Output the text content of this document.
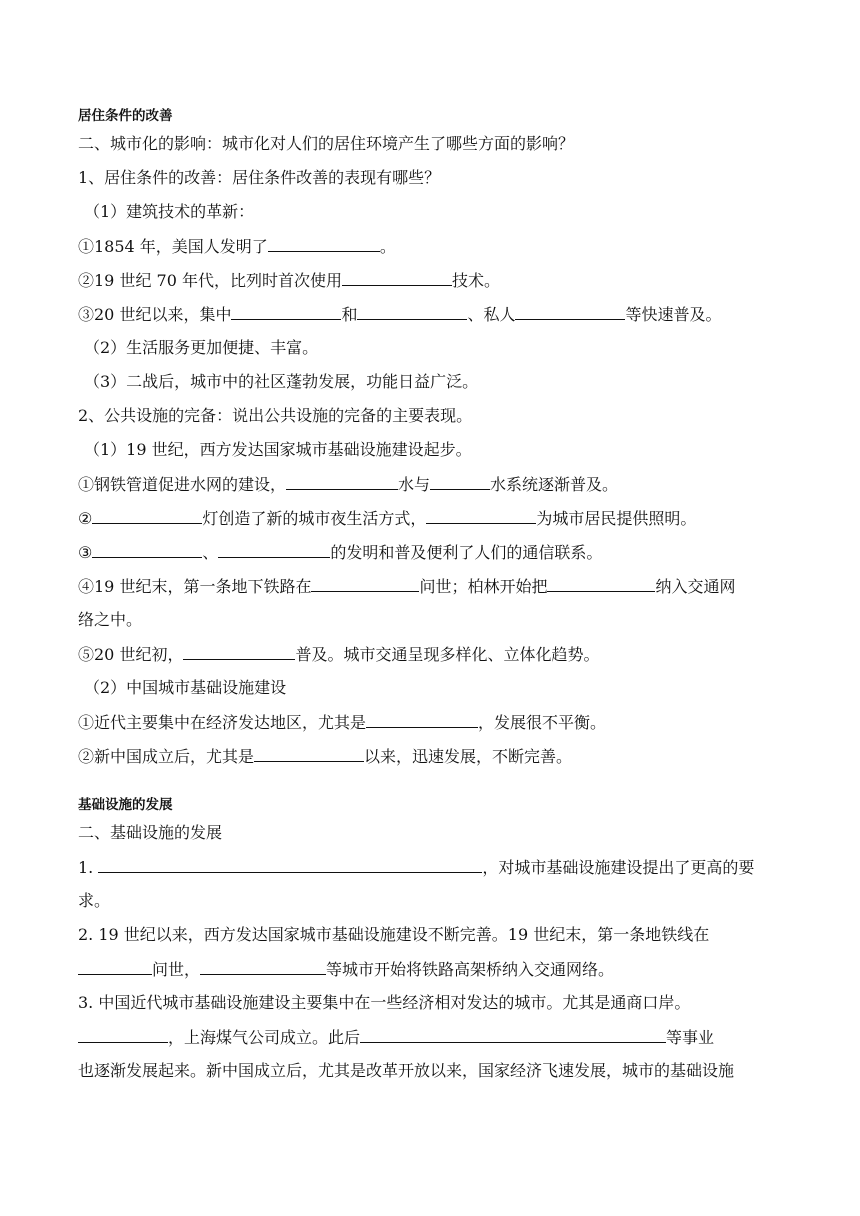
居住条件的改善
二、城市化的影响：城市化对人们的居住环境产生了哪些方面的影响？
1、居住条件的改善：居住条件改善的表现有哪些？
（1）建筑技术的革新：
①1854 年，美国人发明了	。
②19 世纪 70 年代，比列时首次使用	技术。
③20 世纪以来，集中	和	、私人	等快速普及。
（2）生活服务更加便捷、丰富。
（3）二战后，城市中的社区蓬勃发展，功能日益广泛。
2、公共设施的完备：说出公共设施的完备的主要表现。
（1）19 世纪，西方发达国家城市基础设施建设起步。
①钢铁管道促进水网的建设，	水与	水系统逐渐普及。
②	灯创造了新的城市夜生活方式，	为城市居民提供照明。
③	、	的发明和普及便利了人们的通信联系。
④19 世纪末，第一条地下铁路在	问世；柏林开始把	纳入交通网
络之中。
⑤20 世纪初，	普及。城市交通呈现多样化、立体化趋势。
（2）中国城市基础设施建设
①近代主要集中在经济发达地区，尤其是	，发展很不平衡。
②新中国成立后，尤其是	以来，迅速发展，不断完善。
基础设施的发展
二、基础设施的发展
1.	，对城市基础设施建设提出了更高的要
求。
2. 19 世纪以来，西方发达国家城市基础设施建设不断完善。19 世纪末，第一条地铁线在
问世，	等城市开始将铁路高架桥纳入交通网络。
3. 中国近代城市基础设施建设主要集中在一些经济相对发达的城市。尤其是通商口岸。
，上海煤气公司成立。此后	等事业
也逐渐发展起来。新中国成立后，尤其是改革开放以来，国家经济飞速发展，城市的基础设施
